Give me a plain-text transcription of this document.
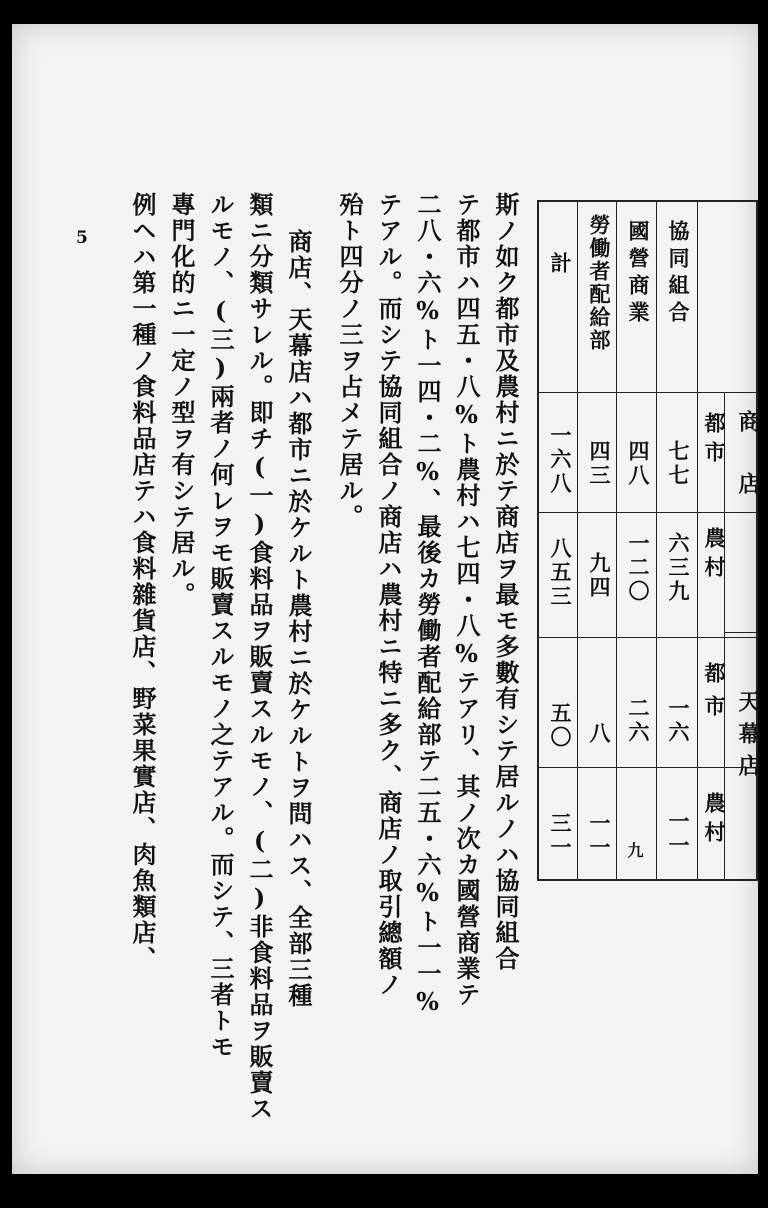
5
商店
天幕店
都市
農村
都市
農村
協同組合
七七
六三九
一六
一一
國營商業
四八
一二〇
二六
九
勞働者配給部
四三
九四
八
一一
計
一六八
八五三
五〇
三一
斯ノ如ク都市及農村ニ於テ商店ヲ最モ多數有シテ居ルノハ協同組合
テ都市ハ四五・八%ト農村ハ七四・八%テアリ、其ノ次カ國營商業テ
二八・六%ト一四・二%、最後カ勞働者配給部テ二五・六%ト一一%
テアル。而シテ協同組合ノ商店ハ農村ニ特ニ多ク、商店ノ取引總額ノ
殆ト四分ノ三ヲ占メテ居ル。
商店、天幕店ハ都市ニ於ケルト農村ニ於ケルトヲ問ハス、全部三種
類ニ分類サレル。即チ(一)食料品ヲ販賣スルモノ、(二)非食料品ヲ販賣ス
ルモノ、(三)兩者ノ何レヲモ販賣スルモノ之テアル。而シテ、三者トモ
專門化的ニ一定ノ型ヲ有シテ居ル。
例ヘハ第一種ノ食料品店テハ食料雜貨店、野菜果實店、肉魚類店、
